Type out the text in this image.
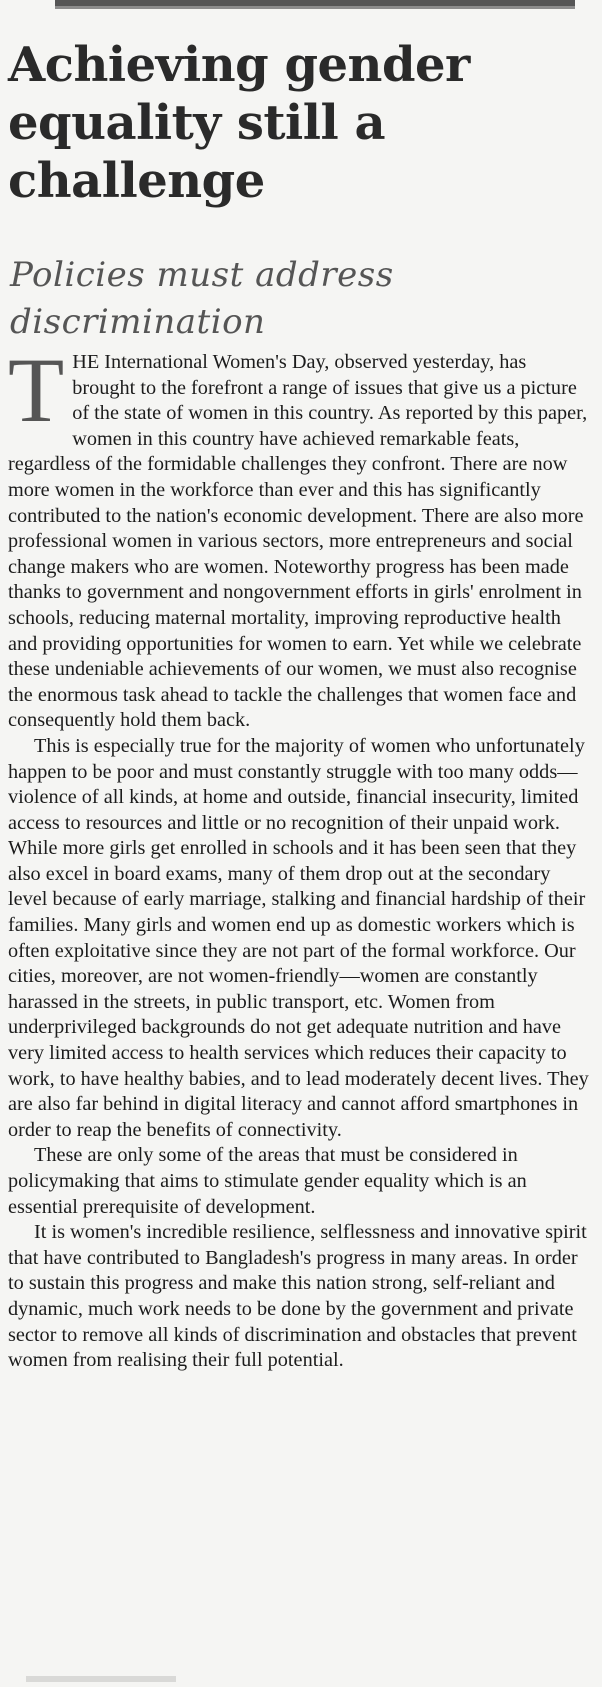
Achieving gender equality still a challenge
Policies must address discrimination

THE International Women's Day, observed yesterday, has brought to the forefront a range of issues that give us a picture of the state of women in this country. As reported by this paper, women in this country have achieved remarkable feats, regardless of the formidable challenges they confront. There are now more women in the workforce than ever and this has significantly contributed to the nation's economic development. There are also more professional women in various sectors, more entrepreneurs and social change makers who are women. Noteworthy progress has been made thanks to government and nongovernment efforts in girls' enrolment in schools, reducing maternal mortality, improving reproductive health and providing opportunities for women to earn. Yet while we celebrate these undeniable achievements of our women, we must also recognise the enormous task ahead to tackle the challenges that women face and consequently hold them back.

This is especially true for the majority of women who unfortunately happen to be poor and must constantly struggle with too many odds—violence of all kinds, at home and outside, financial insecurity, limited access to resources and little or no recognition of their unpaid work. While more girls get enrolled in schools and it has been seen that they also excel in board exams, many of them drop out at the secondary level because of early marriage, stalking and financial hardship of their families. Many girls and women end up as domestic workers which is often exploitative since they are not part of the formal workforce. Our cities, moreover, are not women-friendly—women are constantly harassed in the streets, in public transport, etc. Women from underprivileged backgrounds do not get adequate nutrition and have very limited access to health services which reduces their capacity to work, to have healthy babies, and to lead moderately decent lives. They are also far behind in digital literacy and cannot afford smartphones in order to reap the benefits of connectivity.

These are only some of the areas that must be considered in policymaking that aims to stimulate gender equality which is an essential prerequisite of development.

It is women's incredible resilience, selflessness and innovative spirit that have contributed to Bangladesh's progress in many areas. In order to sustain this progress and make this nation strong, self-reliant and dynamic, much work needs to be done by the government and private sector to remove all kinds of discrimination and obstacles that prevent women from realising their full potential.
